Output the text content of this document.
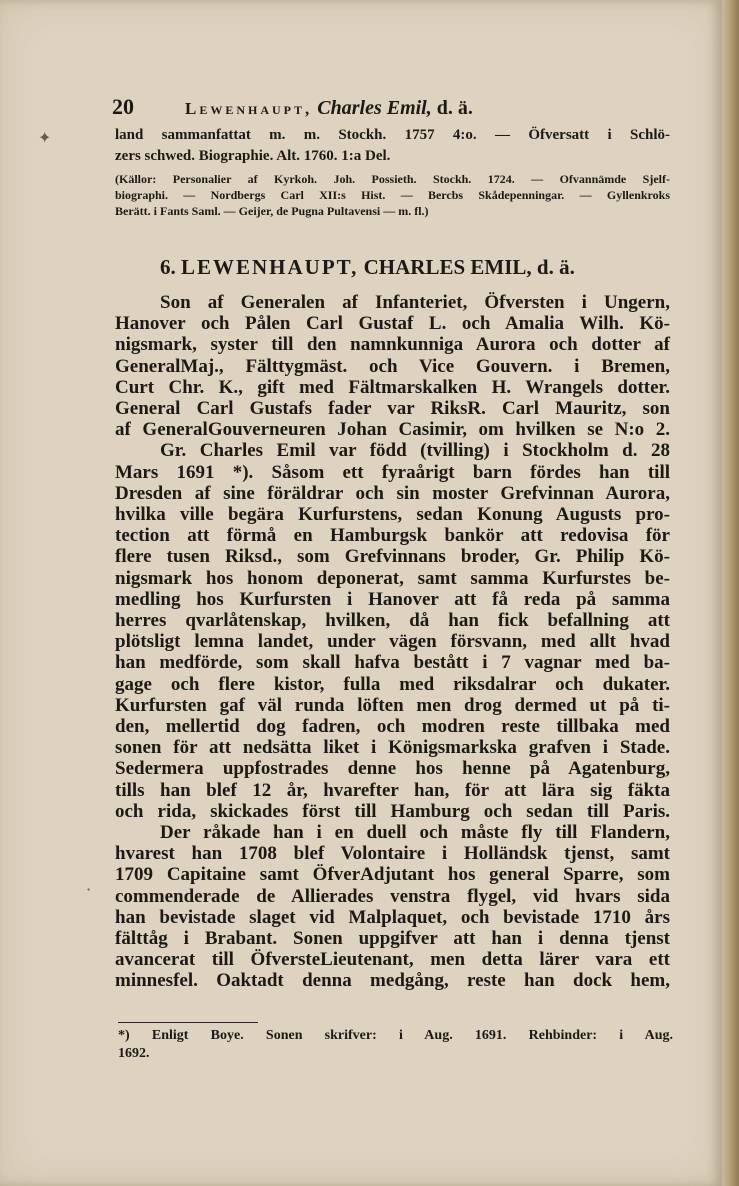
20	Lewenhaupt, Charles Emil, d. ä.
land sammanfattat m. m. Stockh. 1757 4:o. — Öfversatt i Schlö-
zers schwed. Biographie. Alt. 1760. 1:a Del.
(Källor: Personalier af Kyrkoh. Joh. Possieth. Stockh. 1724. — Ofvannämde Sjelf-
biographi. — Nordbergs Carl XII:s Hist. — Bercbs Skådepenningar. — Gyllenkroks
Berätt. i Fants Saml. — Geijer, de Pugna Pultavensi — m. fl.)
6. LEWENHAUPT, CHARLES EMIL, d. ä.
Son af Generalen af Infanteriet, Öfversten i Ungern,
Hanover och Pålen Carl Gustaf L. och Amalia Wilh. Kö-
nigsmark, syster till den namnkunniga Aurora och dotter af
GeneralMaj., Fälttygmäst. och Vice Gouvern. i Bremen,
Curt Chr. K., gift med Fältmarskalken H. Wrangels dotter.
General Carl Gustafs fader var RiksR. Carl Mauritz, son
af GeneralGouverneuren Johan Casimir, om hvilken se N:o 2.
Gr. Charles Emil var född (tvilling) i Stockholm d. 28
Mars 1691 *). Såsom ett fyraårigt barn fördes han till
Dresden af sine föräldrar och sin moster Grefvinnan Aurora,
hvilka ville begära Kurfurstens, sedan Konung Augusts pro-
tection att förmå en Hamburgsk bankör att redovisa för
flere tusen Riksd., som Grefvinnans broder, Gr. Philip Kö-
nigsmark hos honom deponerat, samt samma Kurfurstes be-
medling hos Kurfursten i Hanover att få reda på samma
herres qvarlåtenskap, hvilken, då han fick befallning att
plötsligt lemna landet, under vägen försvann, med allt hvad
han medförde, som skall hafva bestått i 7 vagnar med ba-
gage och flere kistor, fulla med riksdalrar och dukater.
Kurfursten gaf väl runda löften men drog dermed ut på ti-
den, mellertid dog fadren, och modren reste tillbaka med
sonen för att nedsätta liket i Königsmarkska grafven i Stade.
Sedermera uppfostrades denne hos henne på Agatenburg,
tills han blef 12 år, hvarefter han, för att lära sig fäkta
och rida, skickades först till Hamburg och sedan till Paris.
Der råkade han i en duell och måste fly till Flandern,
hvarest han 1708 blef Volontaire i Holländsk tjenst, samt
1709 Capitaine samt ÖfverAdjutant hos general Sparre, som
commenderade de Allierades venstra flygel, vid hvars sida
han bevistade slaget vid Malplaquet, och bevistade 1710 års
fälttåg i Brabant. Sonen uppgifver att han i denna tjenst
avancerat till ÖfversteLieutenant, men detta lärer vara ett
minnesfel. Oaktadt denna medgång, reste han dock hem,
*) Enligt Boye. Sonen skrifver: i Aug. 1691. Rehbinder: i Aug.
1692.
✦
·
